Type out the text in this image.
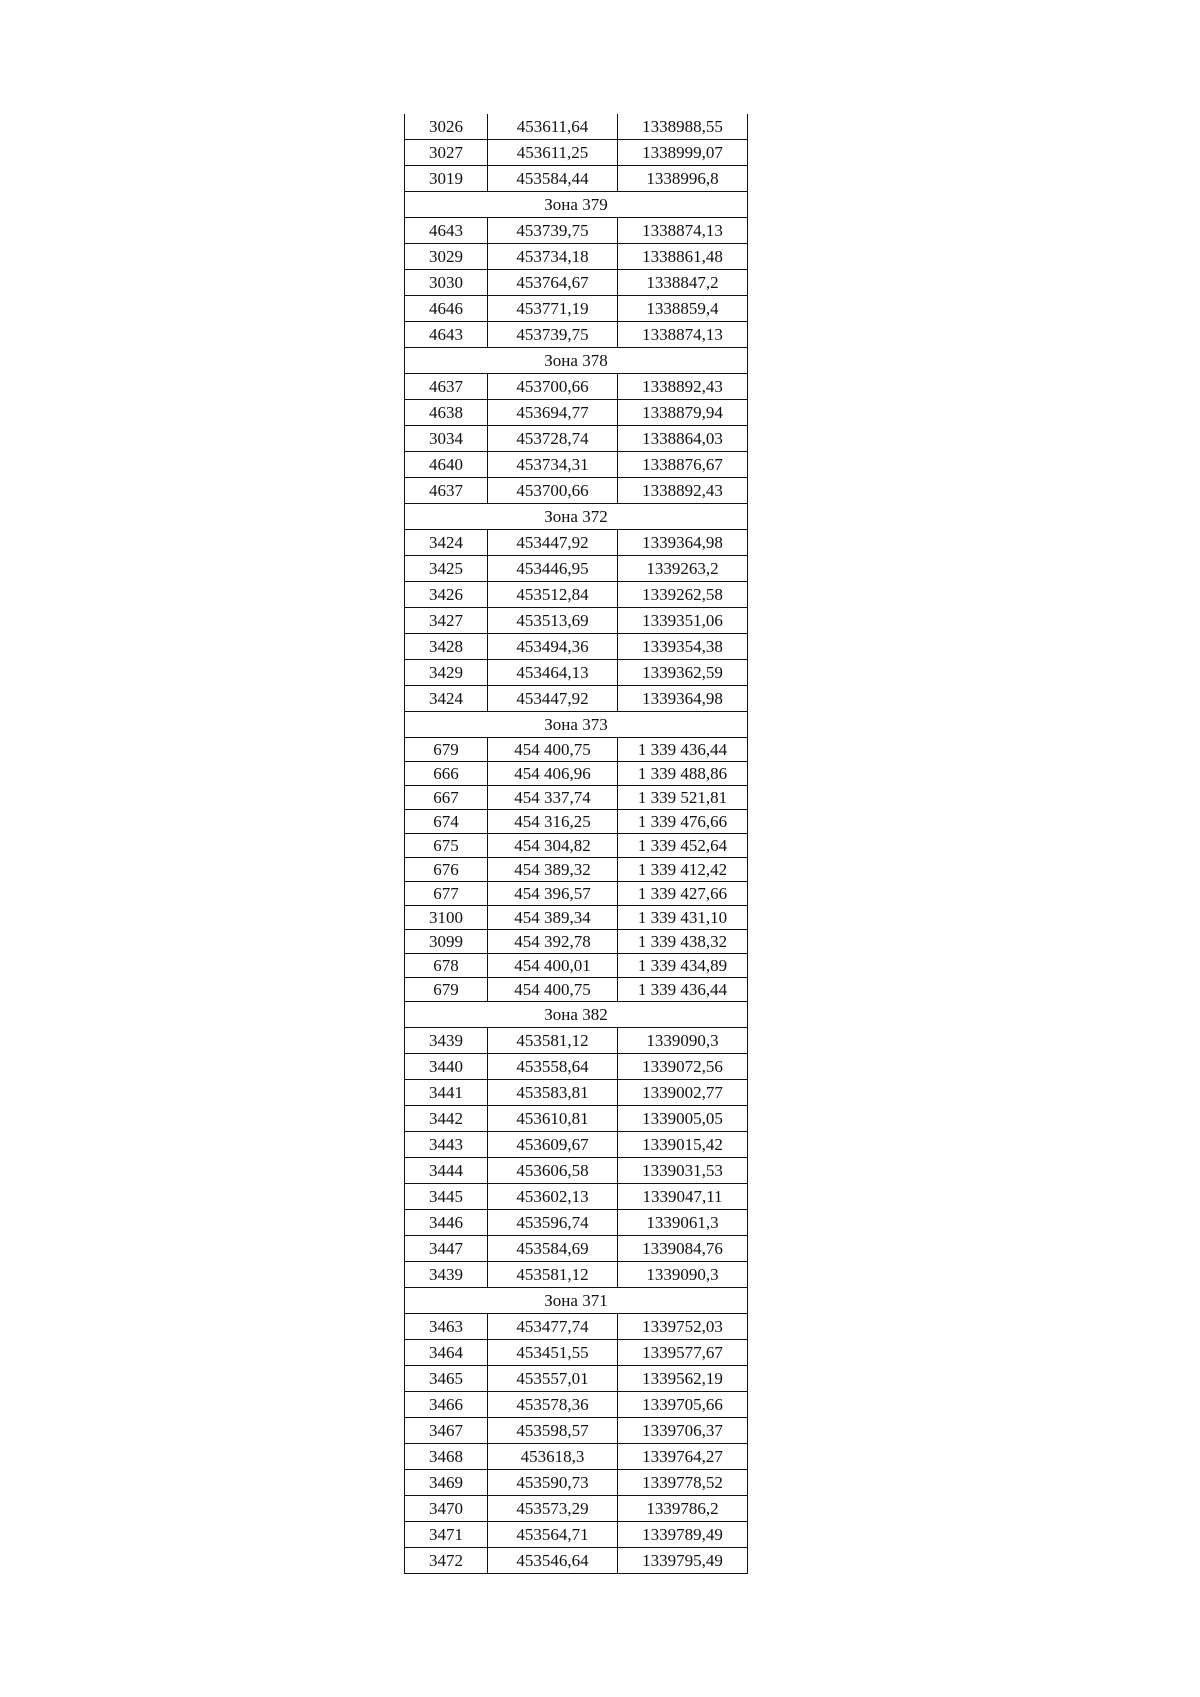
3026	453611,64	1338988,55
3027	453611,25	1338999,07
3019	453584,44	1338996,8
Зона 379		
4643	453739,75	1338874,13
3029	453734,18	1338861,48
3030	453764,67	1338847,2
4646	453771,19	1338859,4
4643	453739,75	1338874,13
Зона 378		
4637	453700,66	1338892,43
4638	453694,77	1338879,94
3034	453728,74	1338864,03
4640	453734,31	1338876,67
4637	453700,66	1338892,43
Зона 372		
3424	453447,92	1339364,98
3425	453446,95	1339263,2
3426	453512,84	1339262,58
3427	453513,69	1339351,06
3428	453494,36	1339354,38
3429	453464,13	1339362,59
3424	453447,92	1339364,98
Зона 373		
679	454 400,75	1 339 436,44
666	454 406,96	1 339 488,86
667	454 337,74	1 339 521,81
674	454 316,25	1 339 476,66
675	454 304,82	1 339 452,64
676	454 389,32	1 339 412,42
677	454 396,57	1 339 427,66
3100	454 389,34	1 339 431,10
3099	454 392,78	1 339 438,32
678	454 400,01	1 339 434,89
679	454 400,75	1 339 436,44
Зона 382		
3439	453581,12	1339090,3
3440	453558,64	1339072,56
3441	453583,81	1339002,77
3442	453610,81	1339005,05
3443	453609,67	1339015,42
3444	453606,58	1339031,53
3445	453602,13	1339047,11
3446	453596,74	1339061,3
3447	453584,69	1339084,76
3439	453581,12	1339090,3
Зона 371		
3463	453477,74	1339752,03
3464	453451,55	1339577,67
3465	453557,01	1339562,19
3466	453578,36	1339705,66
3467	453598,57	1339706,37
3468	453618,3	1339764,27
3469	453590,73	1339778,52
3470	453573,29	1339786,2
3471	453564,71	1339789,49
3472	453546,64	1339795,49
